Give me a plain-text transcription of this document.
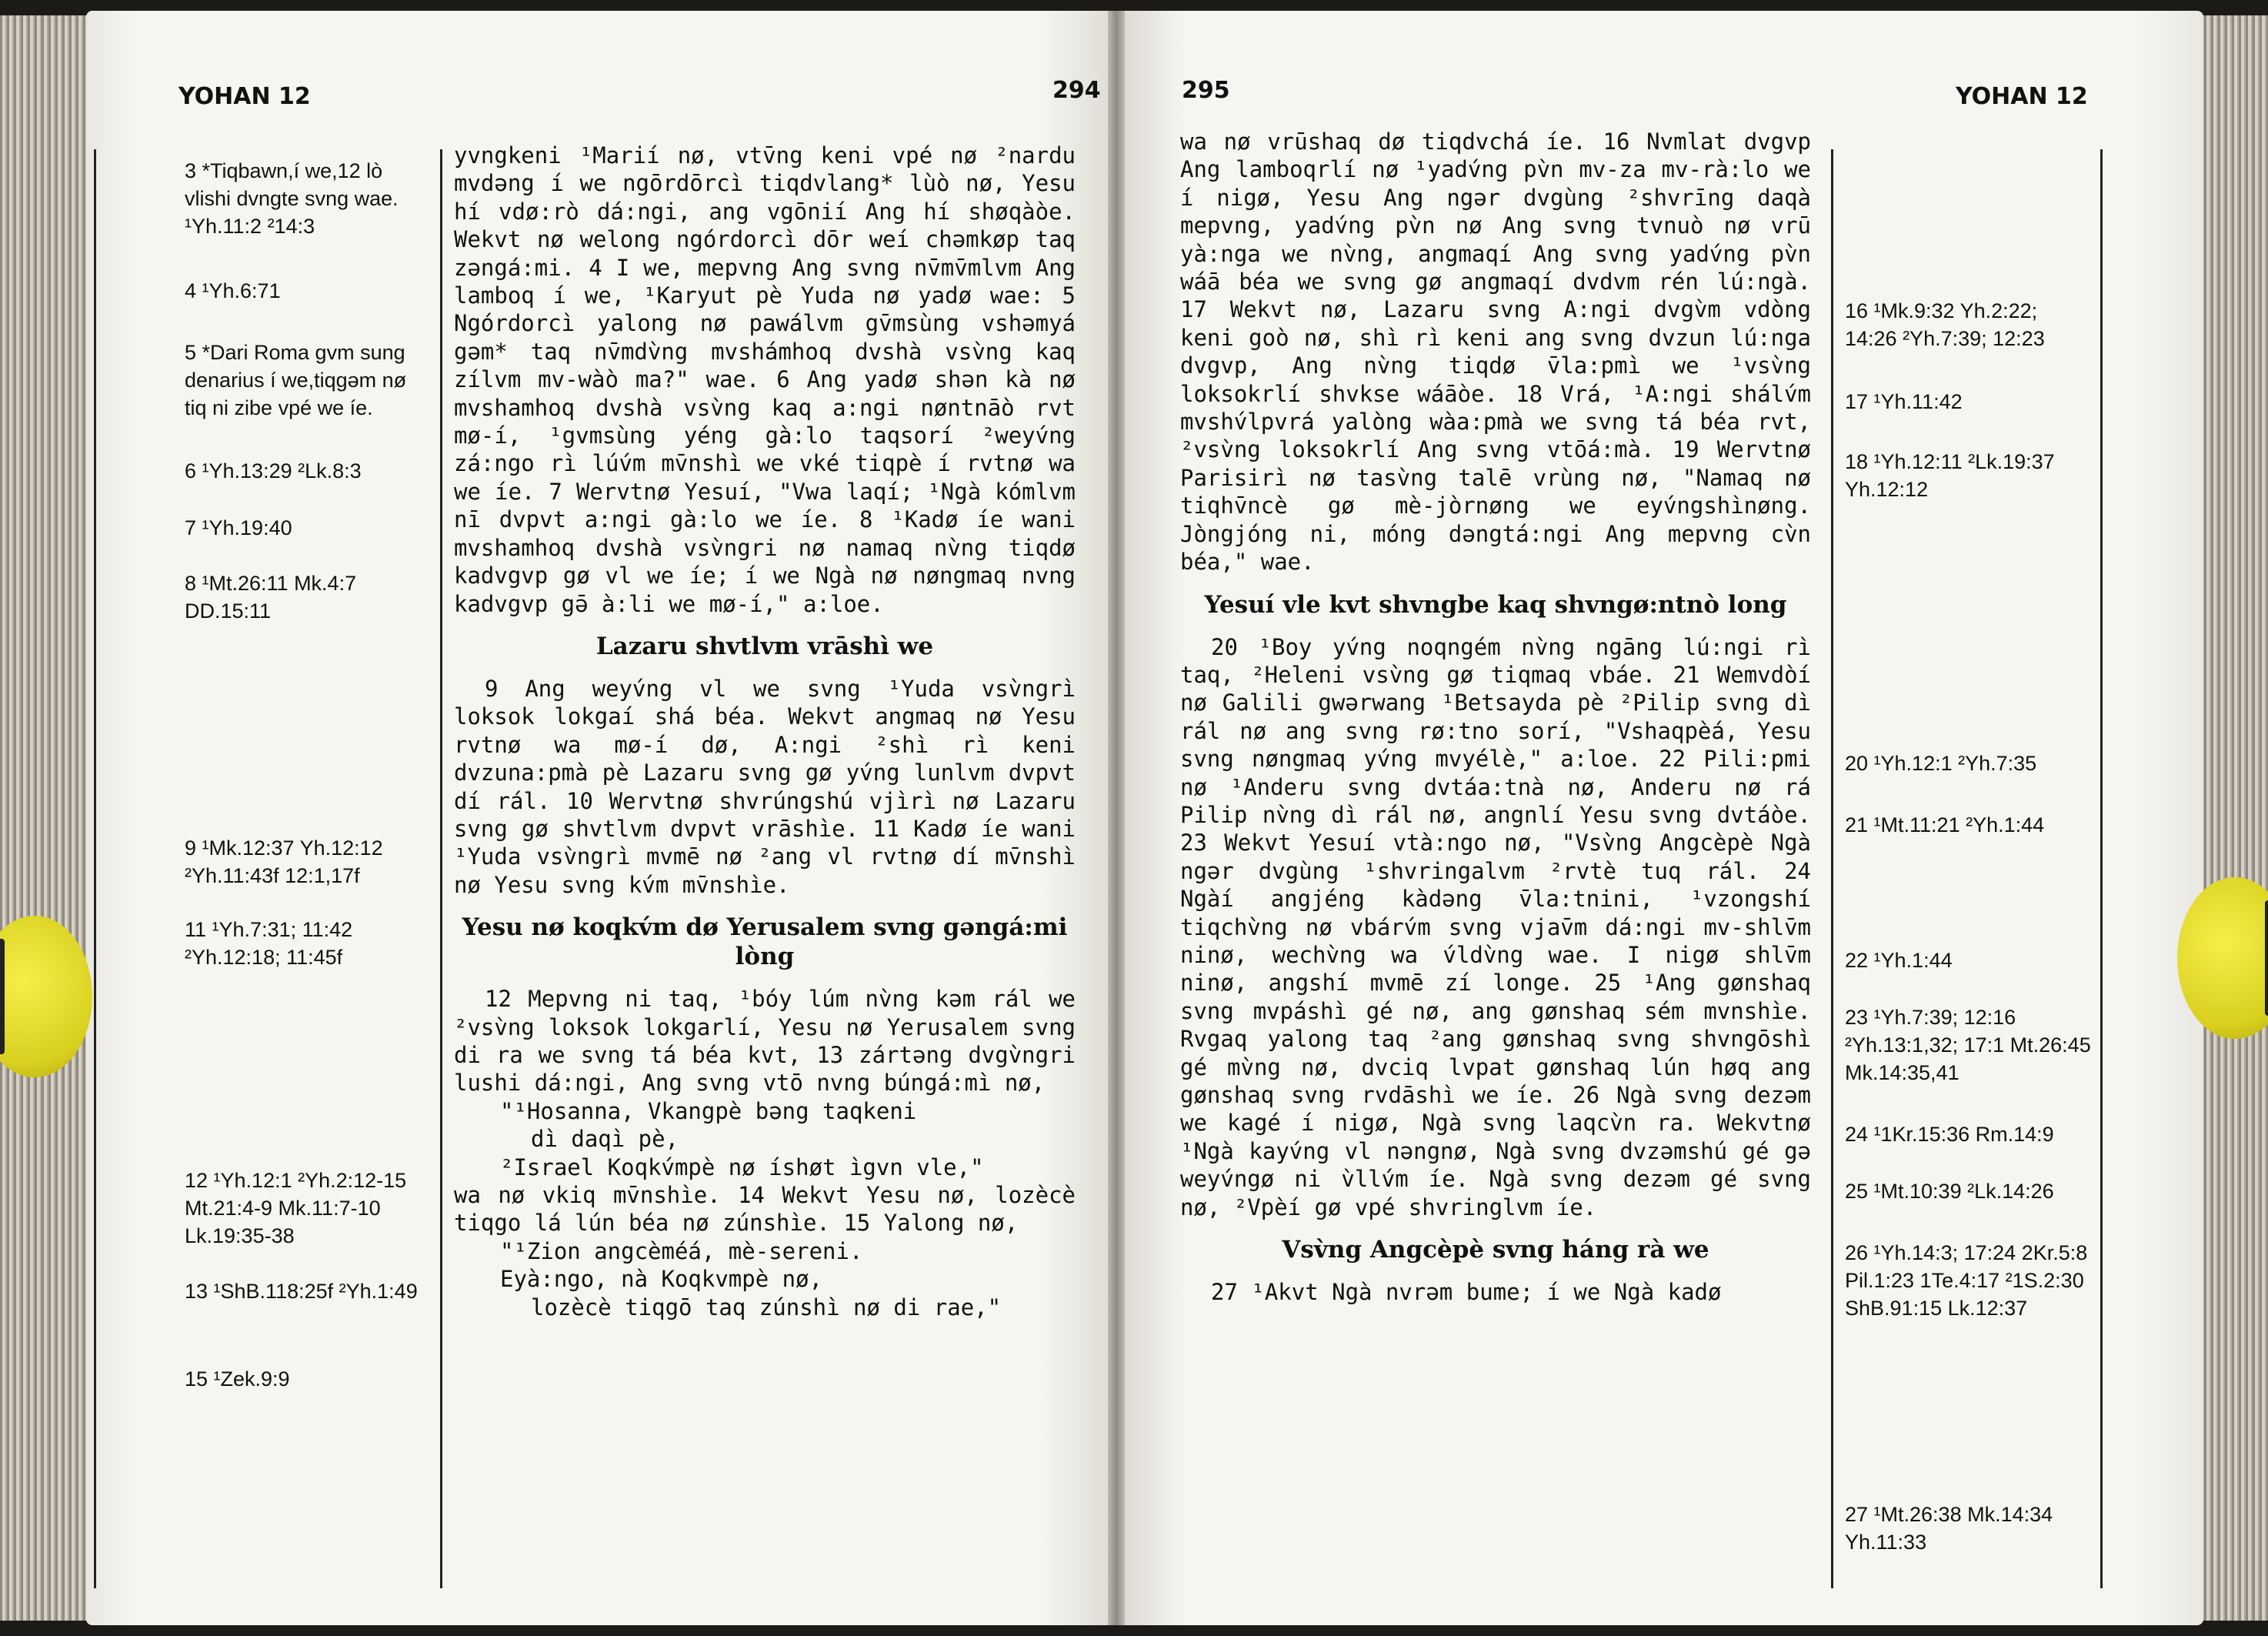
YOHAN 12	294
3 *Tiqbawn,í we,12 lò vlishi dvngte svng wae. ¹Yh.11:2 ²14:3
4 ¹Yh.6:71
5 *Dari Roma gvm sung denarius í we,tiqgəm nø tiq ni zibe vpé we íe.
6 ¹Yh.13:29 ²Lk.8:3
7 ¹Yh.19:40
8 ¹Mt.26:11 Mk.4:7 DD.15:11
9 ¹Mk.12:37 Yh.12:12 ²Yh.11:43f 12:1,17f
11 ¹Yh.7:31; 11:42 ²Yh.12:18; 11:45f
12 ¹Yh.12:1 ²Yh.2:12-15 Mt.21:4-9 Mk.11:7-10 Lk.19:35-38
13 ¹ShB.118:25f ²Yh.1:49
15 ¹Zek.9:9

yvngkeni ¹Marií nø, vtv̄ng keni vpé nø ²nardu mvdəng í we ngōrdōrcì tiqdvlang* lùò nø, Yesu hí vdø:rò dá:ngi, ang vgōnií Ang hí shøqàòe. Wekvt nø welong ngórdorcì dōr weí chəmkøp taq zəngá:mi. 4 I we, mepvng Ang svng nv̄mv̄mlvm Ang lamboq í we, ¹Karyut pè Yuda nø yadø wae: 5 Ngórdorcì yalong nø pawálvm gv̄msùng vshəmyá gəm* taq nv̄mdv̀ng mvshámhoq dvshà vsv̀ng kaq zílvm mv-wàò ma?" wae. 6 Ang yadø shən kà nø mvshamhoq dvshà vsv̀ng kaq a:ngi nøntnāò rvt mø-í, ¹gvmsùng yéng gà:lo taqsorí ²weyv́ng zá:ngo rì lúv́m mv̄nshì we vké tiqpè í rvtnø wa we íe. 7 Wervtnø Yesuí, "Vwa laqí; ¹Ngà kómlvm nī dvpvt a:ngi gà:lo we íe. 8 ¹Kadø íe wani mvshamhoq dvshà vsv̀ngri nø namaq nv̀ng tiqdø kadvgvp gø vl we íe; í we Ngà nø nøngmaq nvng kadvgvp gə̄ à:li we mø-í," a:loe.

Lazaru shvtlvm vrāshì we

9 Ang weyv́ng vl we svng ¹Yuda vsv̀ngrì loksok lokgaí shá béa. Wekvt angmaq nø Yesu rvtnø wa mø-í dø, A:ngi ²shì rì keni dvzuna:pmà pè Lazaru svng gø yv́ng lunlvm dvpvt dí rál. 10 Wervtnø shvrúngshú vjìrì nø Lazaru svng gø shvtlvm dvpvt vrāshìe. 11 Kadø íe wani ¹Yuda vsv̀ngrì mvmē nø ²ang vl rvtnø dí mv̄nshì nø Yesu svng kv́m mv̄nshìe.

Yesu nø koqkv́m dø Yerusalem svng gəngá:mi lòng

12 Mepvng ni taq, ¹bóy lúm nv̀ng kəm rál we ²vsv̀ng loksok lokgarlí, Yesu nø Yerusalem svng di ra we svng tá béa kvt, 13 zártəng dvgv̀ngri lushi dá:ngi, Ang svng vtō nvng búngá:mì nø,

"¹Hosanna, Vkangpè bəng taqkeni

dì daqì pè,

²Israel Koqkv́mpè nø íshøt ìgvn vle,"

wa nø vkiq mv̄nshìe. 14 Wekvt Yesu nø, lozècè tiqgo lá lún béa nø zúnshìe. 15 Yalong nø,

"¹Zion angcèméá, mè-sereni.

Eyà:ngo, nà Koqkvmpè nø,

lozècè tiqgō taq zúnshì nø di rae,"

295	YOHAN 12

wa nø vrūshaq dø tiqdvchá íe. 16 Nvmlat dvgvp Ang lamboqrlí nø ¹yadv́ng pv̀n mv-za mv-rà:lo we í nigø, Yesu Ang ngər dvgùng ²shvrīng daqà mepvng, yadv́ng pv̀n nø Ang svng tvnuò nø vrū yà:nga we nv̀ng, angmaqí Ang svng yadv́ng pv̀n wáā béa we svng gø angmaqí dvdvm rén lú:ngà. 17 Wekvt nø, Lazaru svng A:ngi dvgv̀m vdòng keni goò nø, shì rì keni ang svng dvzun lú:nga dvgvp, Ang nv̀ng tiqdø v̄la:pmì we ¹vsv̀ng loksokrlí shvkse wáāòe. 18 Vrá, ¹A:ngi shálv́m mvshv́lpvrá yalòng wàa:pmà we svng tá béa rvt, ²vsv̀ng loksokrlí Ang svng vtōá:mà. 19 Wervtnø Parisirì nø tasv̀ng talē vrùng nø, "Namaq nø tiqhv̄ncè gø mè-jòrnøng we eyv́ngshìnøng. Jòngjóng ni, móng dəngtá:ngi Ang mepvng cv̀n béa," wae.

Yesuí vle kvt shvngbe kaq shvngø:ntnò long

20 ¹Boy yv́ng noqngém nv̀ng ngāng lú:ngi rì taq, ²Heleni vsv̀ng gø tiqmaq vbáe. 21 Wemvdòí nø Galili gwərwang ¹Betsayda pè ²Pilip svng dì rál nø ang svng rø:tno sorí, "Vshaqpèá, Yesu svng nøngmaq yv́ng mvyélè," a:loe. 22 Pili:pmi nø ¹Anderu svng dvtáa:tnà nø, Anderu nø rá Pilip nv̀ng dì rál nø, angnlí Yesu svng dvtáòe. 23 Wekvt Yesuí vtà:ngo nø, "Vsv̀ng Angcèpè Ngà ngər dvgùng ¹shvringalvm ²rvtè tuq rál. 24 Ngàí angjéng kàdəng v̄la:tnini, ¹vzongshí tiqchv̀ng nø vbárv́m svng vjav̄m dá:ngi mv-shlv̄m ninø, wechv̀ng wa v́ldv̀ng wae. I nigø shlv̄m ninø, angshí mvmē zí longe. 25 ¹Ang gønshaq svng mvpáshì gé nø, ang gønshaq sém mvnshìe. Rvgaq yalong taq ²ang gønshaq svng shvngōshì gé mv̀ng nø, dvciq lvpat gønshaq lún høq ang gønshaq svng rvdāshì we íe. 26 Ngà svng dezəm we kagé í nigø, Ngà svng laqcv̀n ra. Wekvtnø ¹Ngà kayv́ng vl nəngnø, Ngà svng dvzəmshú gé gə weyv́ngø ni v̀llv́m íe. Ngà svng dezəm gé svng nø, ²Vpèí gø vpé shvringlvm íe.

Vsv̀ng Angcèpè svng háng rà we

27 ¹Akvt Ngà nvrəm bume; í we Ngà kadø

16 ¹Mk.9:32 Yh.2:22; 14:26 ²Yh.7:39; 12:23
17 ¹Yh.11:42
18 ¹Yh.12:11 ²Lk.19:37 Yh.12:12
20 ¹Yh.12:1 ²Yh.7:35
21 ¹Mt.11:21 ²Yh.1:44
22 ¹Yh.1:44
23 ¹Yh.7:39; 12:16 ²Yh.13:1,32; 17:1 Mt.26:45 Mk.14:35,41
24 ¹1Kr.15:36 Rm.14:9
25 ¹Mt.10:39 ²Lk.14:26
26 ¹Yh.14:3; 17:24 2Kr.5:8 Pil.1:23 1Te.4:17 ²1S.2:30 ShB.91:15 Lk.12:37
27 ¹Mt.26:38 Mk.14:34 Yh.11:33
